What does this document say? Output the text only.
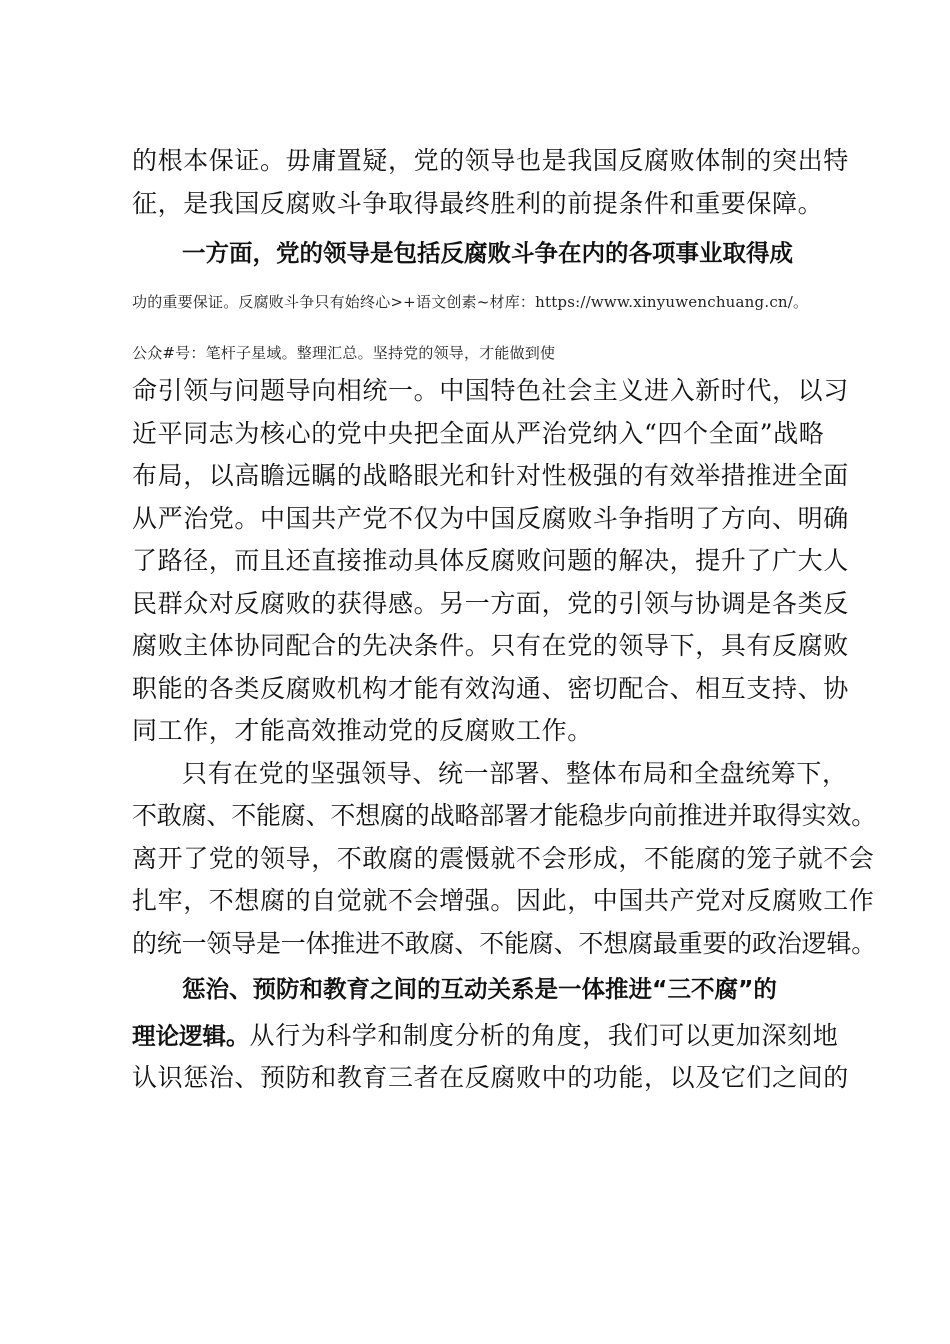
的根本保证。毋庸置疑，党的领导也是我国反腐败体制的突出特
征，是我国反腐败斗争取得最终胜利的前提条件和重要保障。
一方面，党的领导是包括反腐败斗争在内的各项事业取得成
功的重要保证。反腐败斗争只有始终心>+语文创素~材库：https://www.xinyuwenchuang.cn/。
公众#号：笔杆子星域。整理汇总。坚持党的领导，才能做到使
命引领与问题导向相统一。中国特色社会主义进入新时代，以习
近平同志为核心的党中央把全面从严治党纳入“四个全面”战略
布局，以高瞻远瞩的战略眼光和针对性极强的有效举措推进全面
从严治党。中国共产党不仅为中国反腐败斗争指明了方向、明确
了路径，而且还直接推动具体反腐败问题的解决，提升了广大人
民群众对反腐败的获得感。另一方面，党的引领与协调是各类反
腐败主体协同配合的先决条件。只有在党的领导下，具有反腐败
职能的各类反腐败机构才能有效沟通、密切配合、相互支持、协
同工作，才能高效推动党的反腐败工作。
只有在党的坚强领导、统一部署、整体布局和全盘统筹下，
不敢腐、不能腐、不想腐的战略部署才能稳步向前推进并取得实效。
离开了党的领导，不敢腐的震慑就不会形成，不能腐的笼子就不会
扎牢，不想腐的自觉就不会增强。因此，中国共产党对反腐败工作
的统一领导是一体推进不敢腐、不能腐、不想腐最重要的政治逻辑。
惩治、预防和教育之间的互动关系是一体推进“三不腐”的
理论逻辑。从行为科学和制度分析的角度，我们可以更加深刻地
认识惩治、预防和教育三者在反腐败中的功能，以及它们之间的
